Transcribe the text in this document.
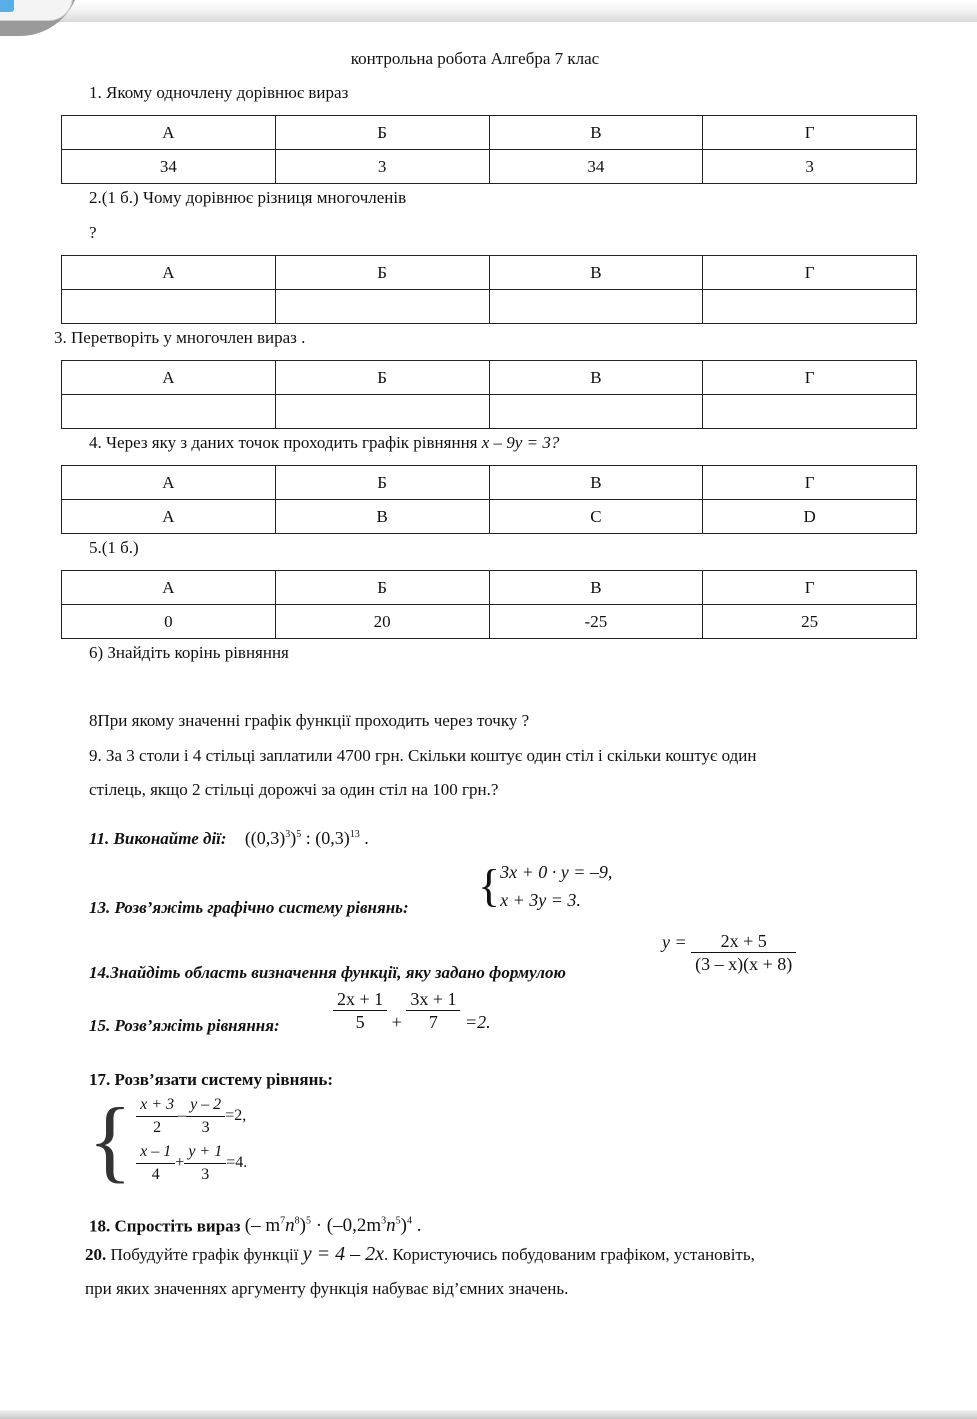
контрольна робота Алгебра 7 клас
1. Якому одночлену дорівнює вираз
А	Б	В	Г
34	3	34	3
2.(1 б.) Чому дорівнює різниця многочленів
?
А	Б	В	Г

3. Перетворіть у многочлен вираз .
А	Б	В	Г

4. Через яку з даних точок проходить графік рівняння x – 9y = 3?
А	Б	В	Г
A	B	C	D
5.(1 б.)
А	Б	В	Г
0	20	-25	25
6) Знайдіть корінь рівняння
8При якому значенні графік функції проходить через точку ?
9. За 3 столи і 4 стільці заплатили 4700 грн. Скільки коштує один стіл і скільки коштує один
стілець, якщо 2 стільці дорожчі за один стіл на 100 грн.?
11. Виконайте дії: $((0,3)^3)^5$ : $(0,3)^{13}$ .
13. Розв’яжіть графічно систему рівнянь: { 3x + 0 · y = –9,
x + 3y = 3.
14.Знайдіть область визначення функції, яку задано формулою
$y = \frac{2x + 5}{(3 - x)(x + 8)}$
15. Розв’яжіть рівняння:	$\frac{2x + 1}{5} + \frac{3x + 1}{7} =2$.
17. Розв’язати систему рівнянь:
{ $\frac{x + 3}{2} - \frac{y - 2}{3} =2$,
$\frac{x - 1}{4} + \frac{y + 1}{3} =4$.
18. Спростіть вираз (– $m^7n^8)^5 \cdot (-0,2m^3n^5)^4$ .
20. Побудуйте графік функції y = 4 – 2x. Користуючись побудованим графіком, установіть,
при яких значеннях аргументу функція набуває від’ємних значень.
